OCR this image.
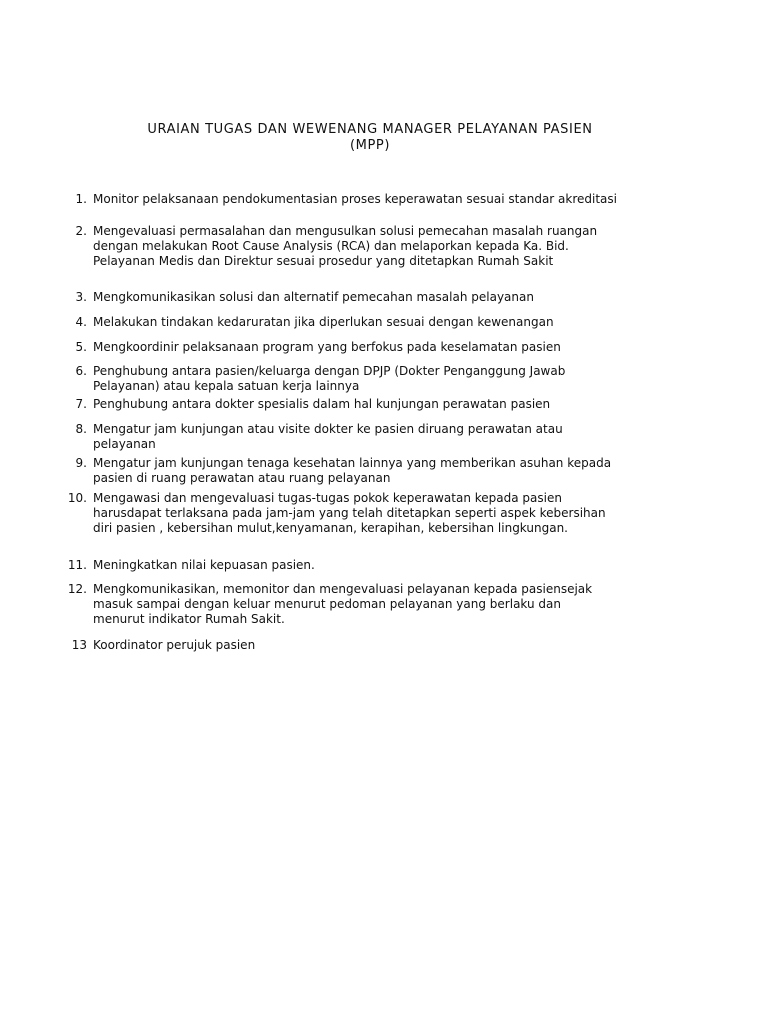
URAIAN TUGAS DAN WEWENANG MANAGER PELAYANAN PASIEN
(MPP)
1. Monitor pelaksanaan pendokumentasian proses keperawatan sesuai standar akreditasi
2. Mengevaluasi permasalahan dan mengusulkan solusi pemecahan masalah ruangan
dengan melakukan Root Cause Analysis (RCA) dan melaporkan kepada Ka. Bid.
Pelayanan Medis dan Direktur sesuai prosedur yang ditetapkan Rumah Sakit
3. Mengkomunikasikan solusi dan alternatif pemecahan masalah pelayanan
4. Melakukan tindakan kedaruratan jika diperlukan sesuai dengan kewenangan
5. Mengkoordinir pelaksanaan program yang berfokus pada keselamatan pasien
6. Penghubung antara pasien/keluarga dengan DPJP (Dokter Penganggung Jawab
Pelayanan) atau kepala satuan kerja lainnya
7. Penghubung antara dokter spesialis dalam hal kunjungan perawatan pasien
8. Mengatur jam kunjungan atau visite dokter ke pasien diruang perawatan atau
pelayanan
9. Mengatur jam kunjungan tenaga kesehatan lainnya yang memberikan asuhan kepada
pasien di ruang perawatan atau ruang pelayanan
10. Mengawasi dan mengevaluasi tugas-tugas pokok keperawatan kepada pasien
harusdapat terlaksana pada jam-jam yang telah ditetapkan seperti aspek kebersihan
diri pasien , kebersihan mulut,kenyamanan, kerapihan, kebersihan lingkungan.
11. Meningkatkan nilai kepuasan pasien.
12. Mengkomunikasikan, memonitor dan mengevaluasi pelayanan kepada pasiensejak
masuk sampai dengan keluar menurut pedoman pelayanan yang berlaku dan
menurut indikator Rumah Sakit.
13 Koordinator perujuk pasien
